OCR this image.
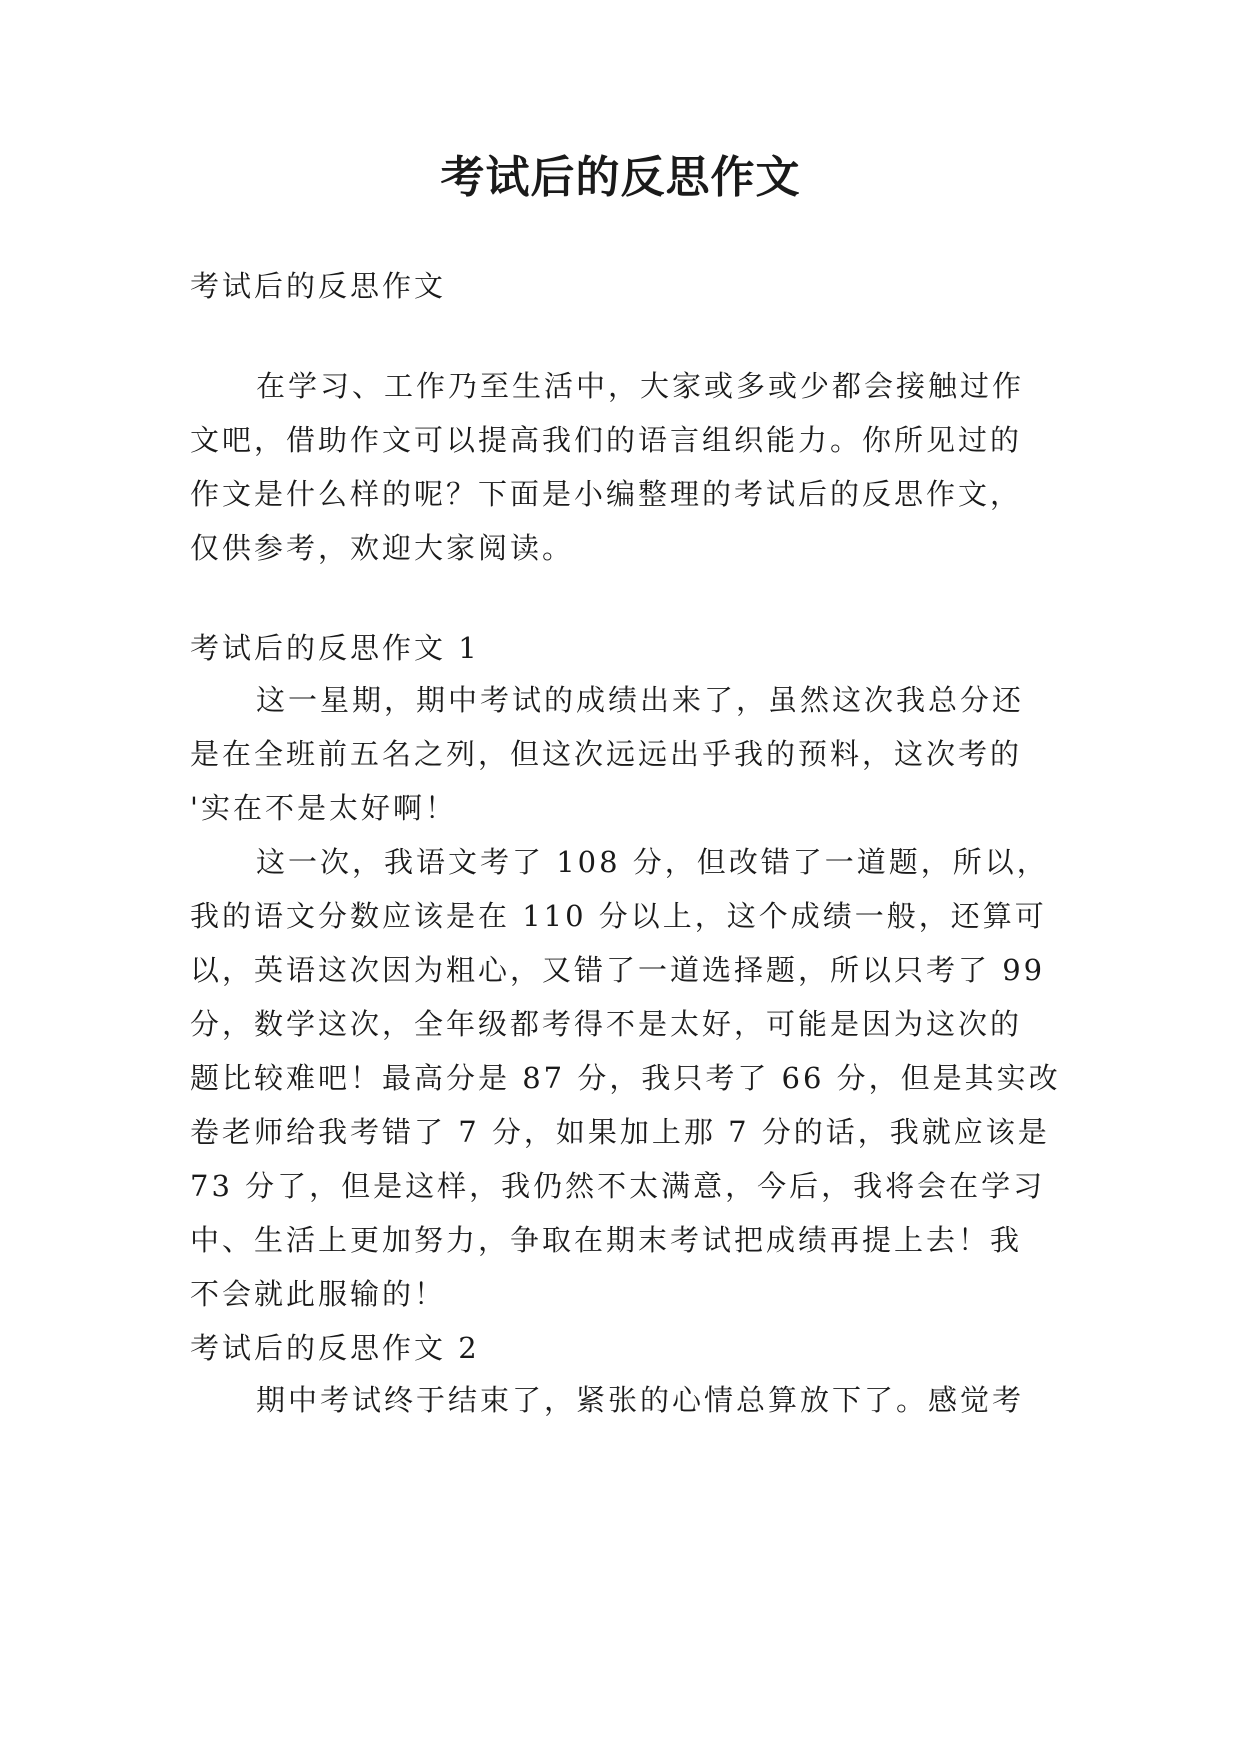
考试后的反思作文
考试后的反思作文
在学习、工作乃至生活中，大家或多或少都会接触过作
文吧，借助作文可以提高我们的语言组织能力。你所见过的
作文是什么样的呢？下面是小编整理的考试后的反思作文，
仅供参考，欢迎大家阅读。
考试后的反思作文 1
这一星期，期中考试的成绩出来了，虽然这次我总分还
是在全班前五名之列，但这次远远出乎我的预料，这次考的
'实在不是太好啊！
这一次，我语文考了 108 分，但改错了一道题，所以，
我的语文分数应该是在 110 分以上，这个成绩一般，还算可
以，英语这次因为粗心，又错了一道选择题，所以只考了 99
分，数学这次，全年级都考得不是太好，可能是因为这次的
题比较难吧！最高分是 87 分，我只考了 66 分，但是其实改
卷老师给我考错了 7 分，如果加上那 7 分的话，我就应该是
73 分了，但是这样，我仍然不太满意，今后，我将会在学习
中、生活上更加努力，争取在期末考试把成绩再提上去！我
不会就此服输的！
考试后的反思作文 2
期中考试终于结束了，紧张的心情总算放下了。感觉考
